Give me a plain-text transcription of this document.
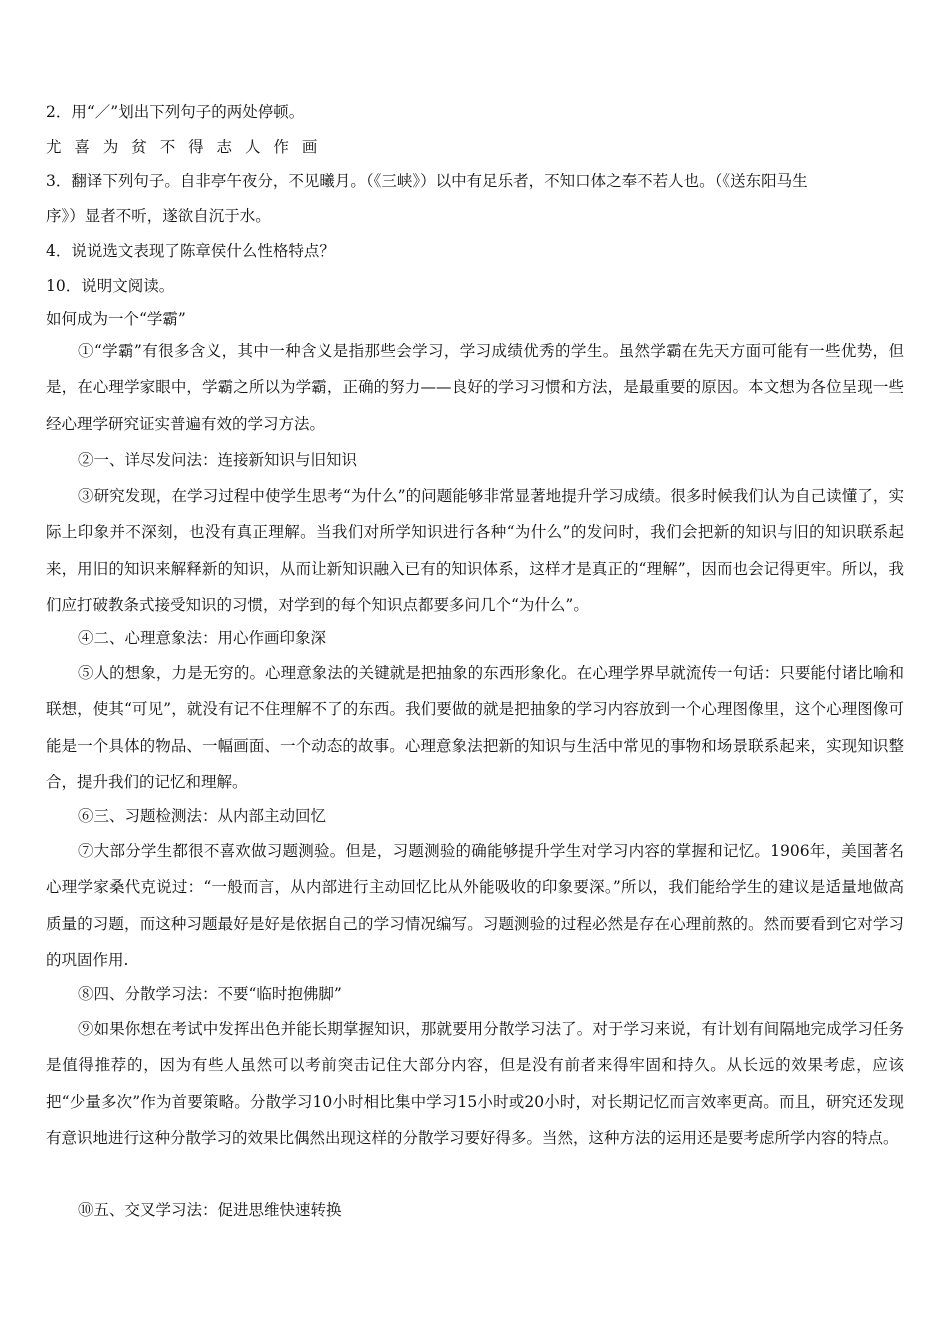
2．用“／”划出下列句子的两处停顿。
尤 喜 为 贫 不 得 志 人 作 画
3．翻译下列句子。自非亭午夜分，不见曦月。（《三峡》）以中有足乐者，不知口体之奉不若人也。（《送东阳马生
序》）显者不听，遂欲自沉于水。
4．说说选文表现了陈章侯什么性格特点？
10．说明文阅读。
如何成为一个“学霸”
①“学霸”有很多含义，其中一种含义是指那些会学习，学习成绩优秀的学生。虽然学霸在先天方面可能有一些优势，但是，在心理学家眼中，学霸之所以为学霸，正确的努力——良好的学习习惯和方法，是最重要的原因。本文想为各位呈现一些经心理学研究证实普遍有效的学习方法。
②一、详尽发问法：连接新知识与旧知识
③研究发现，在学习过程中使学生思考“为什么”的问题能够非常显著地提升学习成绩。很多时候我们认为自己读懂了，实际上印象并不深刻，也没有真正理解。当我们对所学知识进行各种“为什么”的发问时，我们会把新的知识与旧的知识联系起来，用旧的知识来解释新的知识，从而让新知识融入已有的知识体系，这样才是真正的“理解”，因而也会记得更牢。所以，我们应打破教条式接受知识的习惯，对学到的每个知识点都要多问几个“为什么”。
④二、心理意象法：用心作画印象深
⑤人的想象，力是无穷的。心理意象法的关键就是把抽象的东西形象化。在心理学界早就流传一句话：只要能付诸比喻和联想，使其“可见”，就没有记不住理解不了的东西。我们要做的就是把抽象的学习内容放到一个心理图像里，这个心理图像可能是一个具体的物品、一幅画面、一个动态的故事。心理意象法把新的知识与生活中常见的事物和场景联系起来，实现知识整合，提升我们的记忆和理解。
⑥三、习题检测法：从内部主动回忆
⑦大部分学生都很不喜欢做习题测验。但是，习题测验的确能够提升学生对学习内容的掌握和记忆。1906年，美国著名心理学家桑代克说过：“一般而言，从内部进行主动回忆比从外能吸收的印象要深。”所以，我们能给学生的建议是适量地做高质量的习题，而这种习题最好是好是依据自己的学习情况编写。习题测验的过程必然是存在心理前熬的。然而要看到它对学习的巩固作用.
⑧四、分散学习法：不要“临时抱佛脚”
⑨如果你想在考试中发挥出色并能长期掌握知识，那就要用分散学习法了。对于学习来说，有计划有间隔地完成学习任务是值得推荐的，因为有些人虽然可以考前突击记住大部分内容，但是没有前者来得牢固和持久。从长远的效果考虑，应该把“少量多次”作为首要策略。分散学习10小时相比集中学习15小时或20小时，对长期记忆而言效率更高。而且，研究还发现有意识地进行这种分散学习的效果比偶然出现这样的分散学习要好得多。当然，这种方法的运用还是要考虑所学内容的特点。
⑩五、交叉学习法：促进思维快速转换
